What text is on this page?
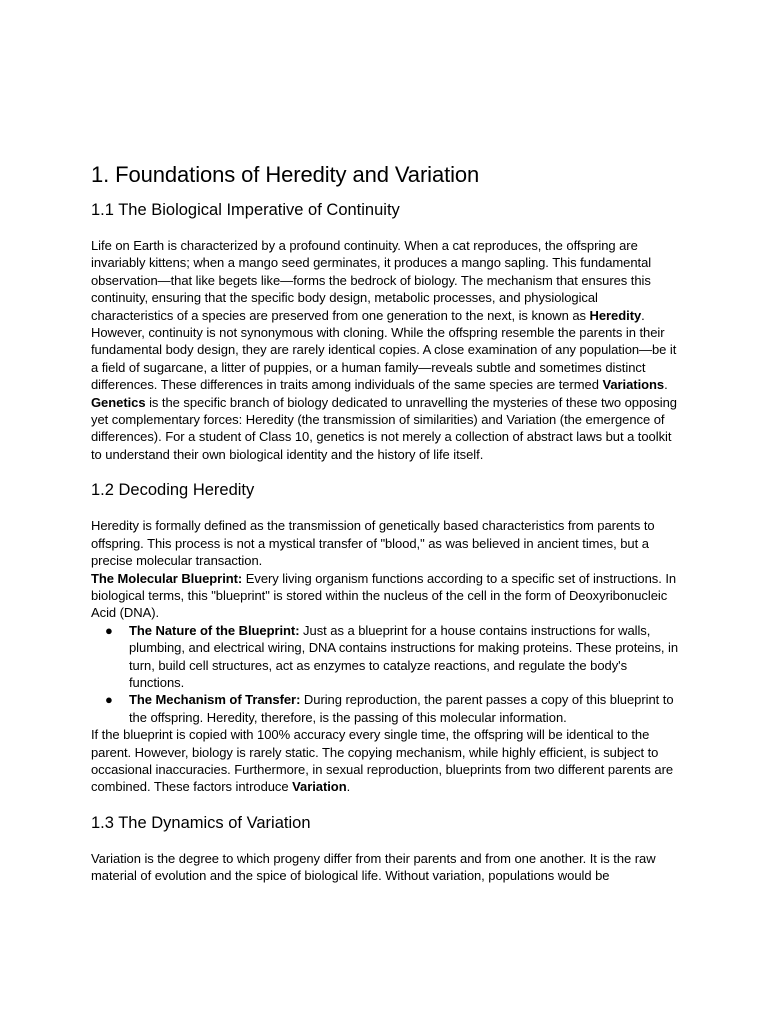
1. Foundations of Heredity and Variation
1.1 The Biological Imperative of Continuity

Life on Earth is characterized by a profound continuity. When a cat reproduces, the offspring are invariably kittens; when a mango seed germinates, it produces a mango sapling. This fundamental observation—that like begets like—forms the bedrock of biology. The mechanism that ensures this continuity, ensuring that the specific body design, metabolic processes, and physiological characteristics of a species are preserved from one generation to the next, is known as Heredity.

However, continuity is not synonymous with cloning. While the offspring resemble the parents in their fundamental body design, they are rarely identical copies. A close examination of any population—be it a field of sugarcane, a litter of puppies, or a human family—reveals subtle and sometimes distinct differences. These differences in traits among individuals of the same species are termed Variations.

Genetics is the specific branch of biology dedicated to unravelling the mysteries of these two opposing yet complementary forces: Heredity (the transmission of similarities) and Variation (the emergence of differences). For a student of Class 10, genetics is not merely a collection of abstract laws but a toolkit to understand their own biological identity and the history of life itself.

1.2 Decoding Heredity

Heredity is formally defined as the transmission of genetically based characteristics from parents to offspring. This process is not a mystical transfer of "blood," as was believed in ancient times, but a precise molecular transaction.

The Molecular Blueprint: Every living organism functions according to a specific set of instructions. In biological terms, this "blueprint" is stored within the nucleus of the cell in the form of Deoxyribonucleic Acid (DNA).

● The Nature of the Blueprint: Just as a blueprint for a house contains instructions for walls, plumbing, and electrical wiring, DNA contains instructions for making proteins. These proteins, in turn, build cell structures, act as enzymes to catalyze reactions, and regulate the body's functions.
● The Mechanism of Transfer: During reproduction, the parent passes a copy of this blueprint to the offspring. Heredity, therefore, is the passing of this molecular information.

If the blueprint is copied with 100% accuracy every single time, the offspring will be identical to the parent. However, biology is rarely static. The copying mechanism, while highly efficient, is subject to occasional inaccuracies. Furthermore, in sexual reproduction, blueprints from two different parents are combined. These factors introduce Variation.

1.3 The Dynamics of Variation

Variation is the degree to which progeny differ from their parents and from one another. It is the raw material of evolution and the spice of biological life. Without variation, populations would be
